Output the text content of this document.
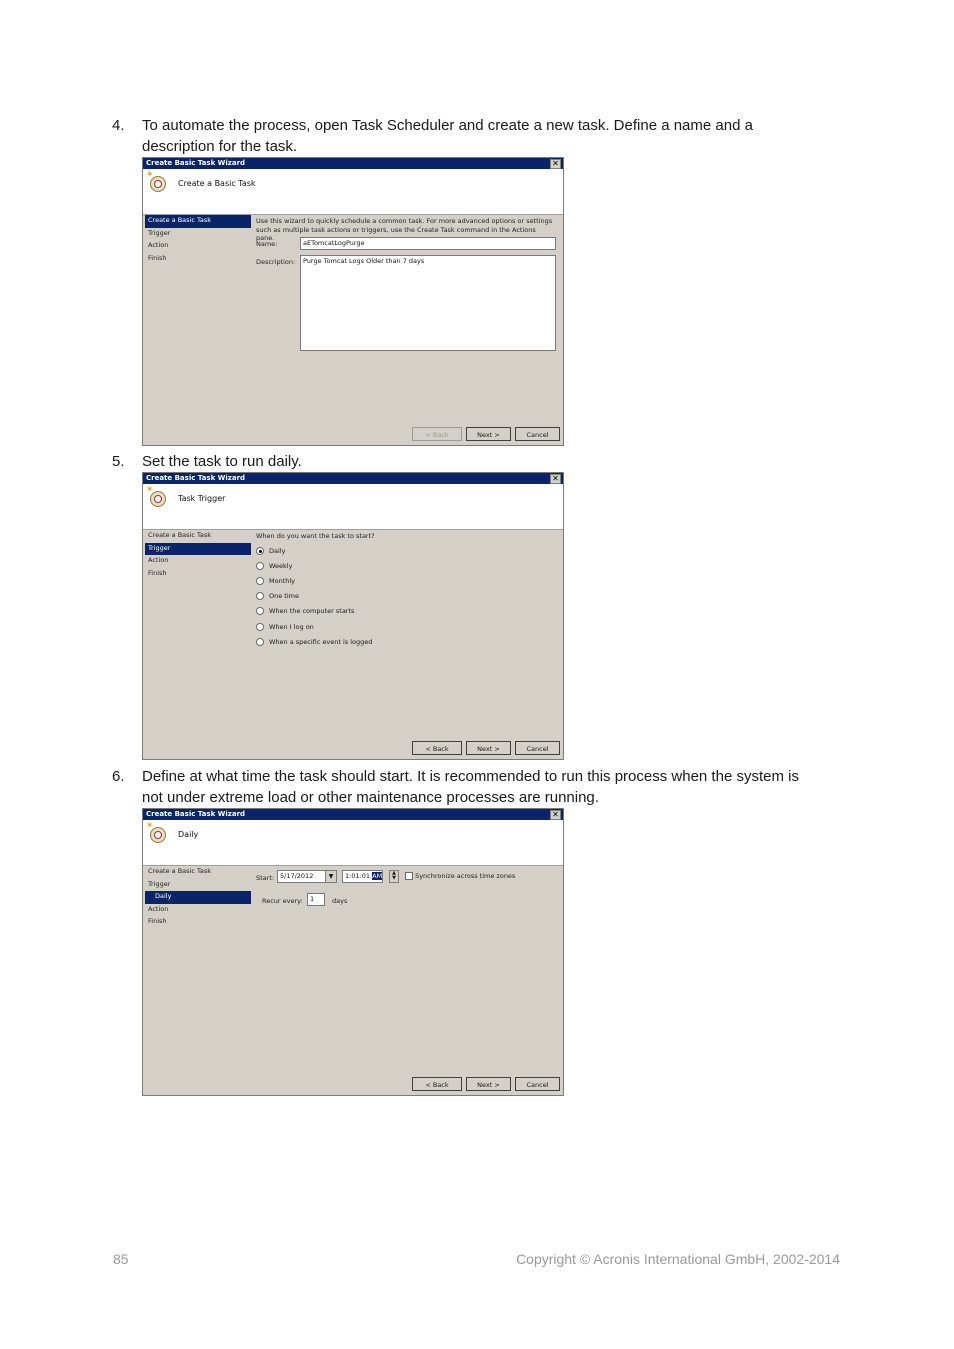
4. To automate the process, open Task Scheduler and create a new task. Define a name and a description for the task.
Create Basic Task Wizard	✕
✶
Create a Basic Task
Create a Basic Task
Trigger
Action
Finish
Use this wizard to quickly schedule a common task. For more advanced options or settings such as multiple task actions or triggers, use the Create Task command in the Actions pane.
Name:	aETomcatLogPurge
Description:	Purge Tomcat Logs Older than 7 days
< Back	Next >	Cancel
5. Set the task to run daily.
Create Basic Task Wizard	✕
✶
Task Trigger
Create a Basic Task
Trigger
Action
Finish
When do you want the task to start?
Daily
Weekly
Monthly
One time
When the computer starts
When I log on
When a specific event is logged
< Back	Next >	Cancel
6. Define at what time the task should start. It is recommended to run this process when the system is not under extreme load or other maintenance processes are running.
Create Basic Task Wizard	✕
✶
Daily
Create a Basic Task
Trigger
Daily
Action
Finish
Start: 5/17/2012	▼	1:01:01 AM	▲
▼	Synchronize across time zones
Recur every:	1	days
< Back	Next >	Cancel
85	Copyright © Acronis International GmbH, 2002-2014
